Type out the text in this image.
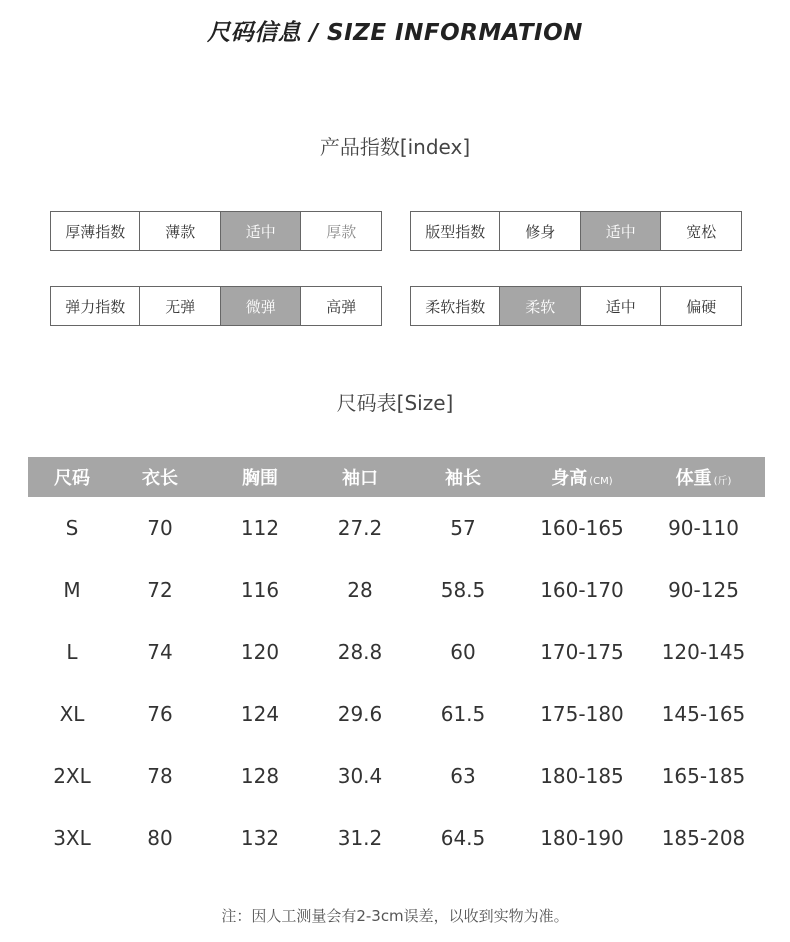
尺码信息 / SIZE INFORMATION
产品指数[index]
厚薄指数	薄款	适中	厚款	版型指数	修身	适中	宽松
弹力指数	无弹	微弹	高弹	柔软指数	柔软	适中	偏硬
尺码表[Size]
尺码	衣长	胸围	袖口	袖长	身高 (CM)	体重 (斤)
S	70	112	27.2	57	160-165	90-110
M	72	116	28	58.5	160-170	90-125
L	74	120	28.8	60	170-175	120-145
XL	76	124	29.6	61.5	175-180	145-165
2XL	78	128	30.4	63	180-185	165-185
3XL	80	132	31.2	64.5	180-190	185-208
注：因人工测量会有2-3cm误差，以收到实物为准。
